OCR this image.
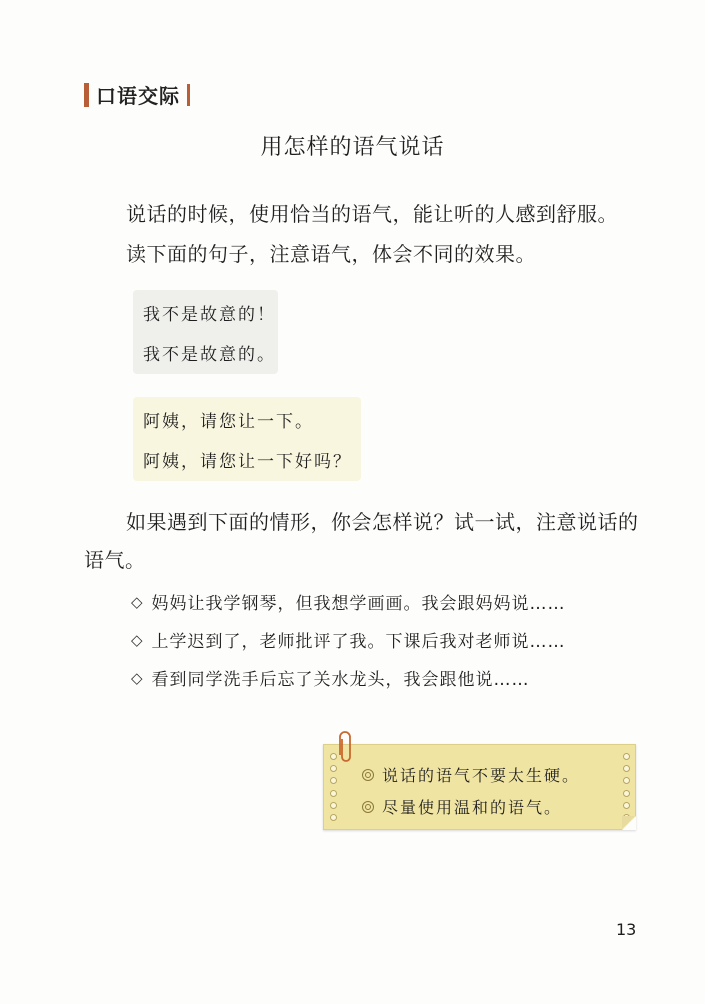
口语交际
用怎样的语气说话
说话的时候，使用恰当的语气，能让听的人感到舒服。
读下面的句子，注意语气，体会不同的效果。
我不是故意的！
我不是故意的。
阿姨，请您让一下。
阿姨，请您让一下好吗？
如果遇到下面的情形，你会怎样说？试一试，注意说话的语气。
◇ 妈妈让我学钢琴，但我想学画画。我会跟妈妈说……
◇ 上学迟到了，老师批评了我。下课后我对老师说……
◇ 看到同学洗手后忘了关水龙头，我会跟他说……
说话的语气不要太生硬。
尽量使用温和的语气。
13
